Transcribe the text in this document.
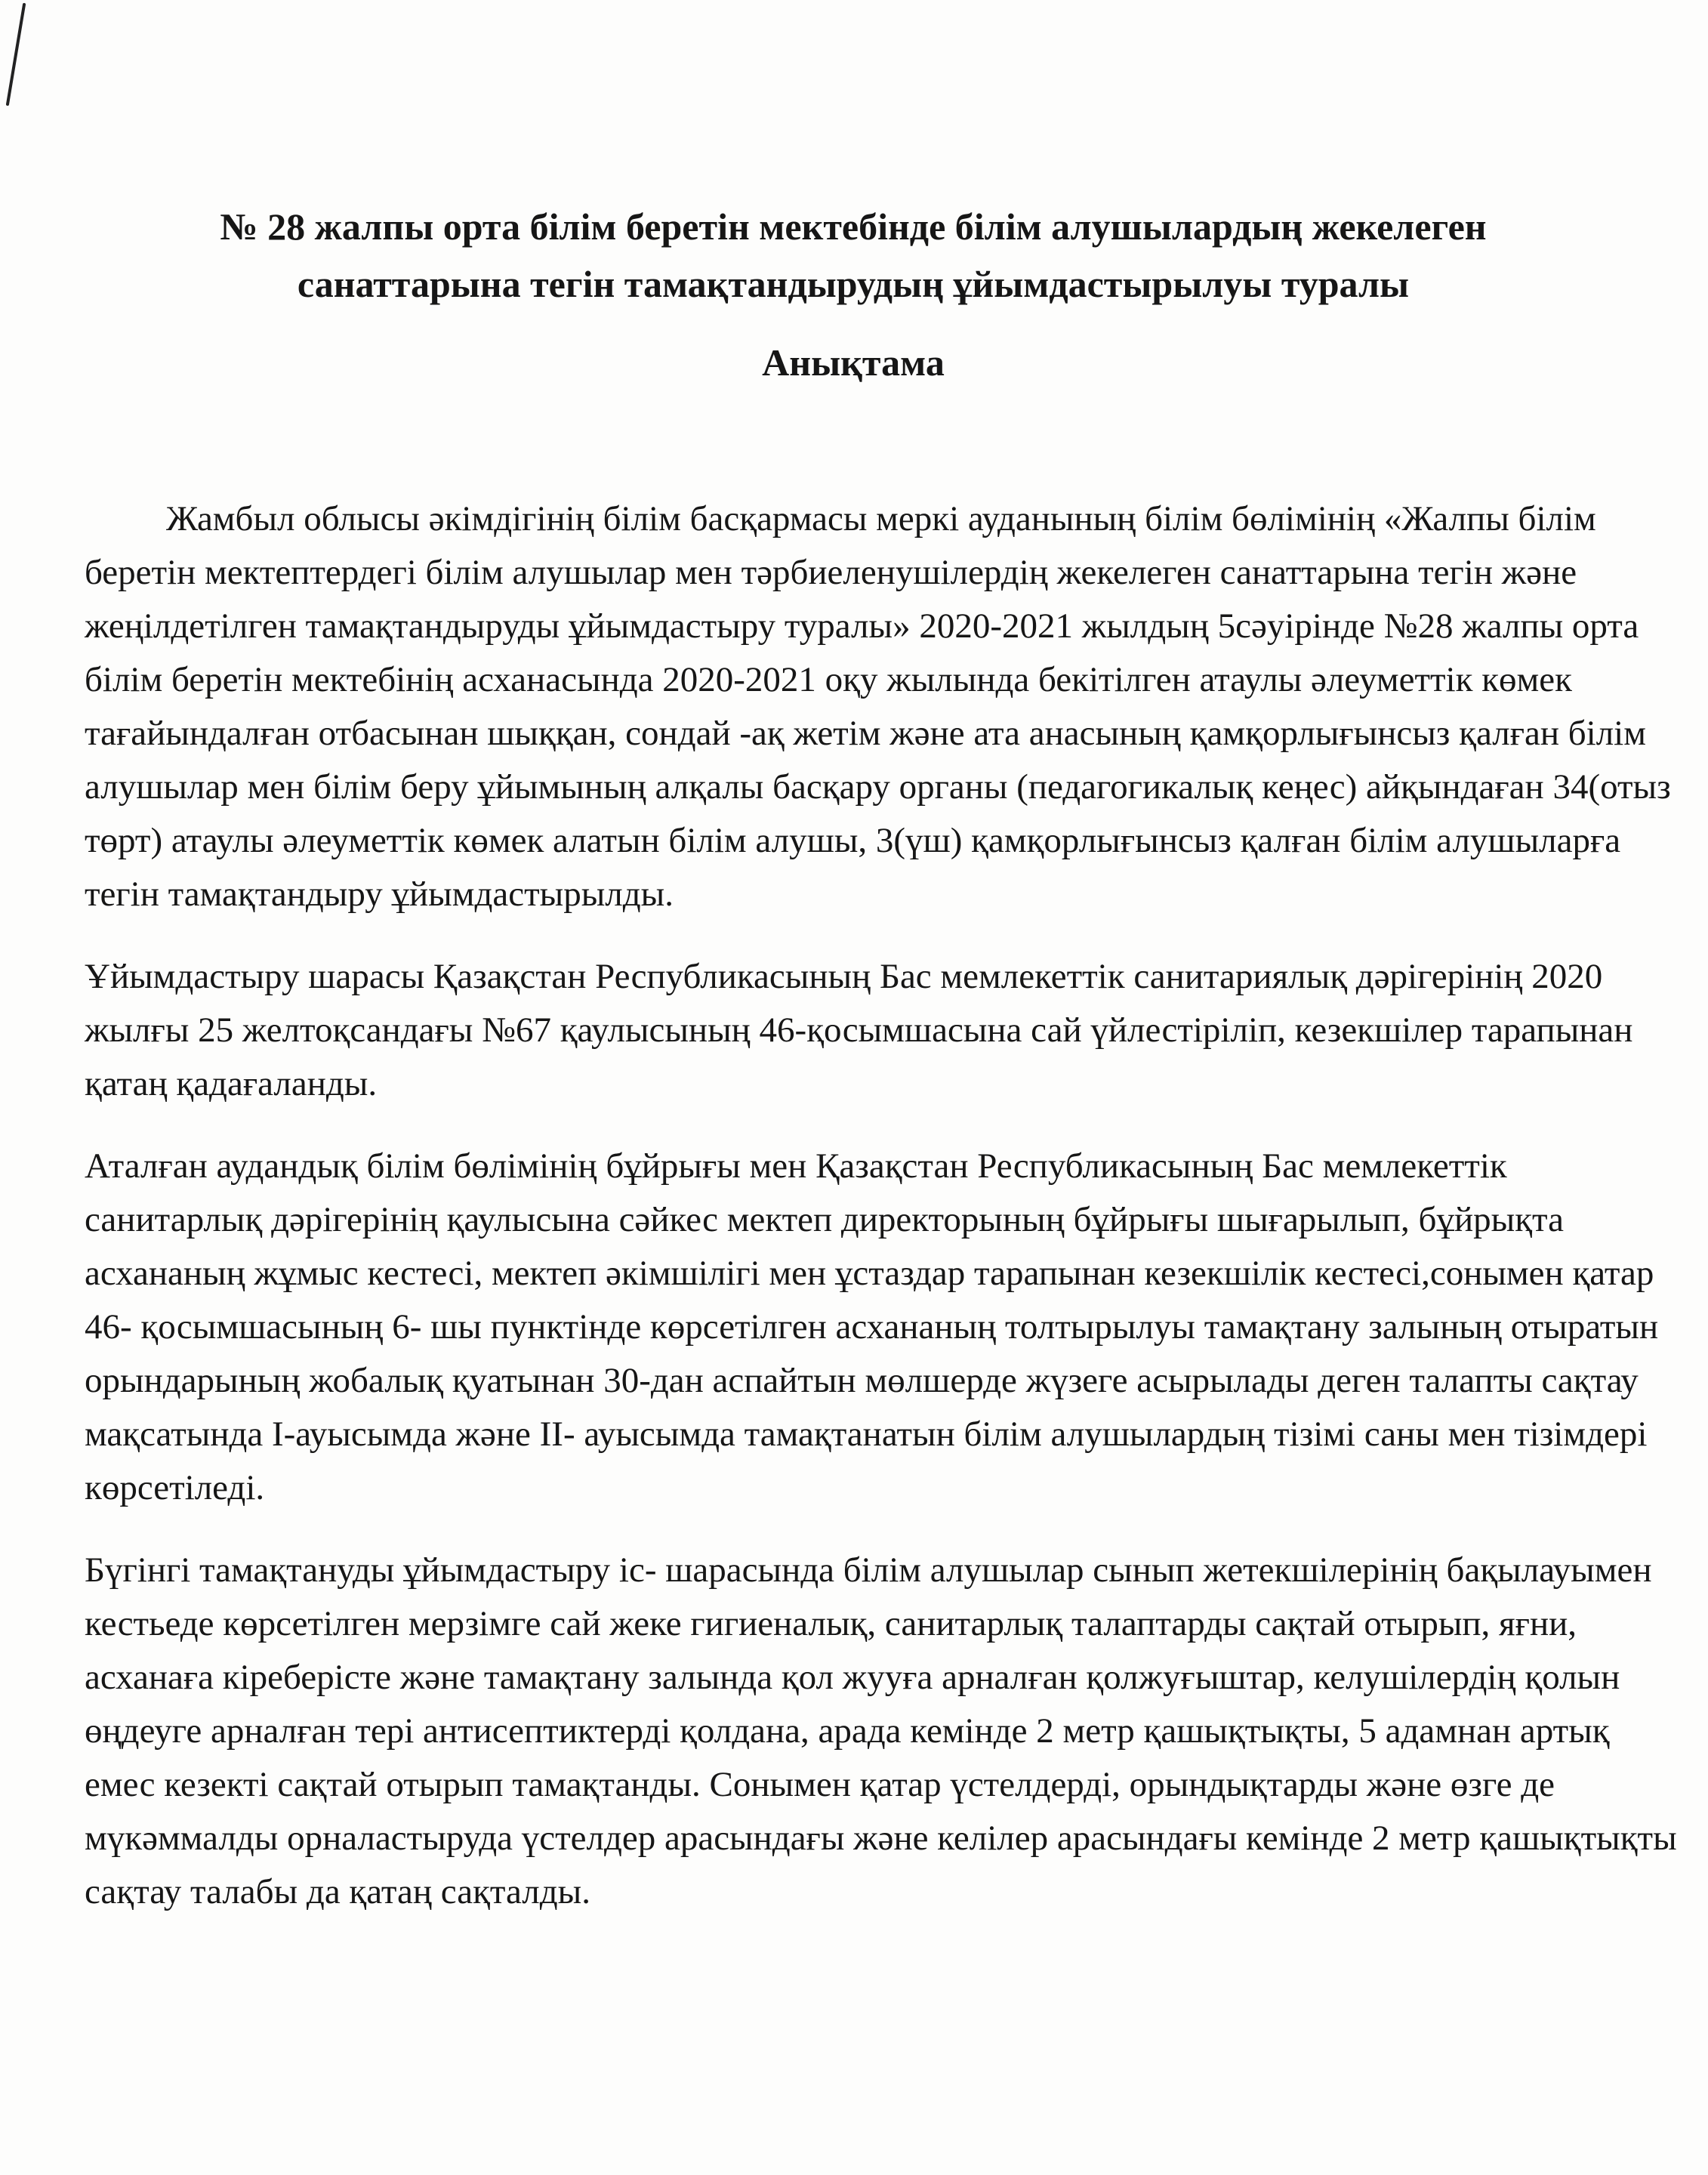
№ 28 жалпы орта білім беретін мектебінде білім алушылардың жекелеген
санаттарына тегін тамақтандырудың ұйымдастырылуы туралы
Анықтама

Жамбыл облысы әкімдігінің білім басқармасы меркі ауданының білім бөлімінің «Жалпы білім беретін мектептердегі білім алушылар мен тәрбиеленушілердің жекелеген санаттарына тегін және жеңілдетілген тамақтандыруды ұйымдастыру туралы» 2020-2021 жылдың 5сәуірінде №28 жалпы орта білім беретін мектебінің асханасында 2020-2021 оқу жылында бекітілген атаулы әлеуметтік көмек тағайындалған отбасынан шыққан, сондай -ақ жетім және ата анасының қамқорлығынсыз қалған білім алушылар мен білім беру ұйымының алқалы басқару органы (педагогикалық кеңес) айқындаған 34(отыз төрт) атаулы әлеуметтік көмек алатын білім алушы, 3(үш) қамқорлығынсыз қалған білім алушыларға тегін тамақтандыру ұйымдастырылды.

Ұйымдастыру шарасы Қазақстан Республикасының Бас мемлекеттік санитариялық дәрігерінің 2020 жылғы 25 желтоқсандағы №67 қаулысының 46-қосымшасына сай үйлестіріліп, кезекшілер тарапынан қатаң қадағаланды.

Аталған аудандық білім бөлімінің бұйрығы мен Қазақстан Республикасының Бас мемлекеттік санитарлық дәрігерінің қаулысына сәйкес мектеп директорының бұйрығы шығарылып, бұйрықта асхананың жұмыс кестесі, мектеп әкімшілігі мен ұстаздар тарапынан кезекшілік кестесі,сонымен қатар 46- қосымшасының 6- шы пунктінде көрсетілген асхананың толтырылуы тамақтану залының отыратын орындарының жобалық қуатынан 30-дан аспайтын мөлшерде жүзеге асырылады деген талапты сақтау мақсатында I-ауысымда және II- ауысымда тамақтанатын білім алушылардың тізімі саны мен тізімдері көрсетіледі.

Бүгінгі тамақтануды ұйымдастыру іс- шарасында білім алушылар сынып жетекшілерінің бақылауымен кестьеде көрсетілген мерзімге сай жеке гигиеналық, санитарлық талаптарды сақтай отырып, яғни, асханаға кіреберісте және тамақтану залында қол жууға арналған қолжуғыштар, келушілердің қолын өңдеуге арналған тері антисептиктерді қолдана, арада кемінде 2 метр қашықтықты, 5 адамнан артық емес кезекті сақтай отырып тамақтанды. Сонымен қатар үстелдерді, орындықтарды және өзге де мүкәммалды орналастыруда үстелдер арасындағы және келілер арасындағы кемінде 2 метр қашықтықты сақтау талабы да қатаң сақталды.
